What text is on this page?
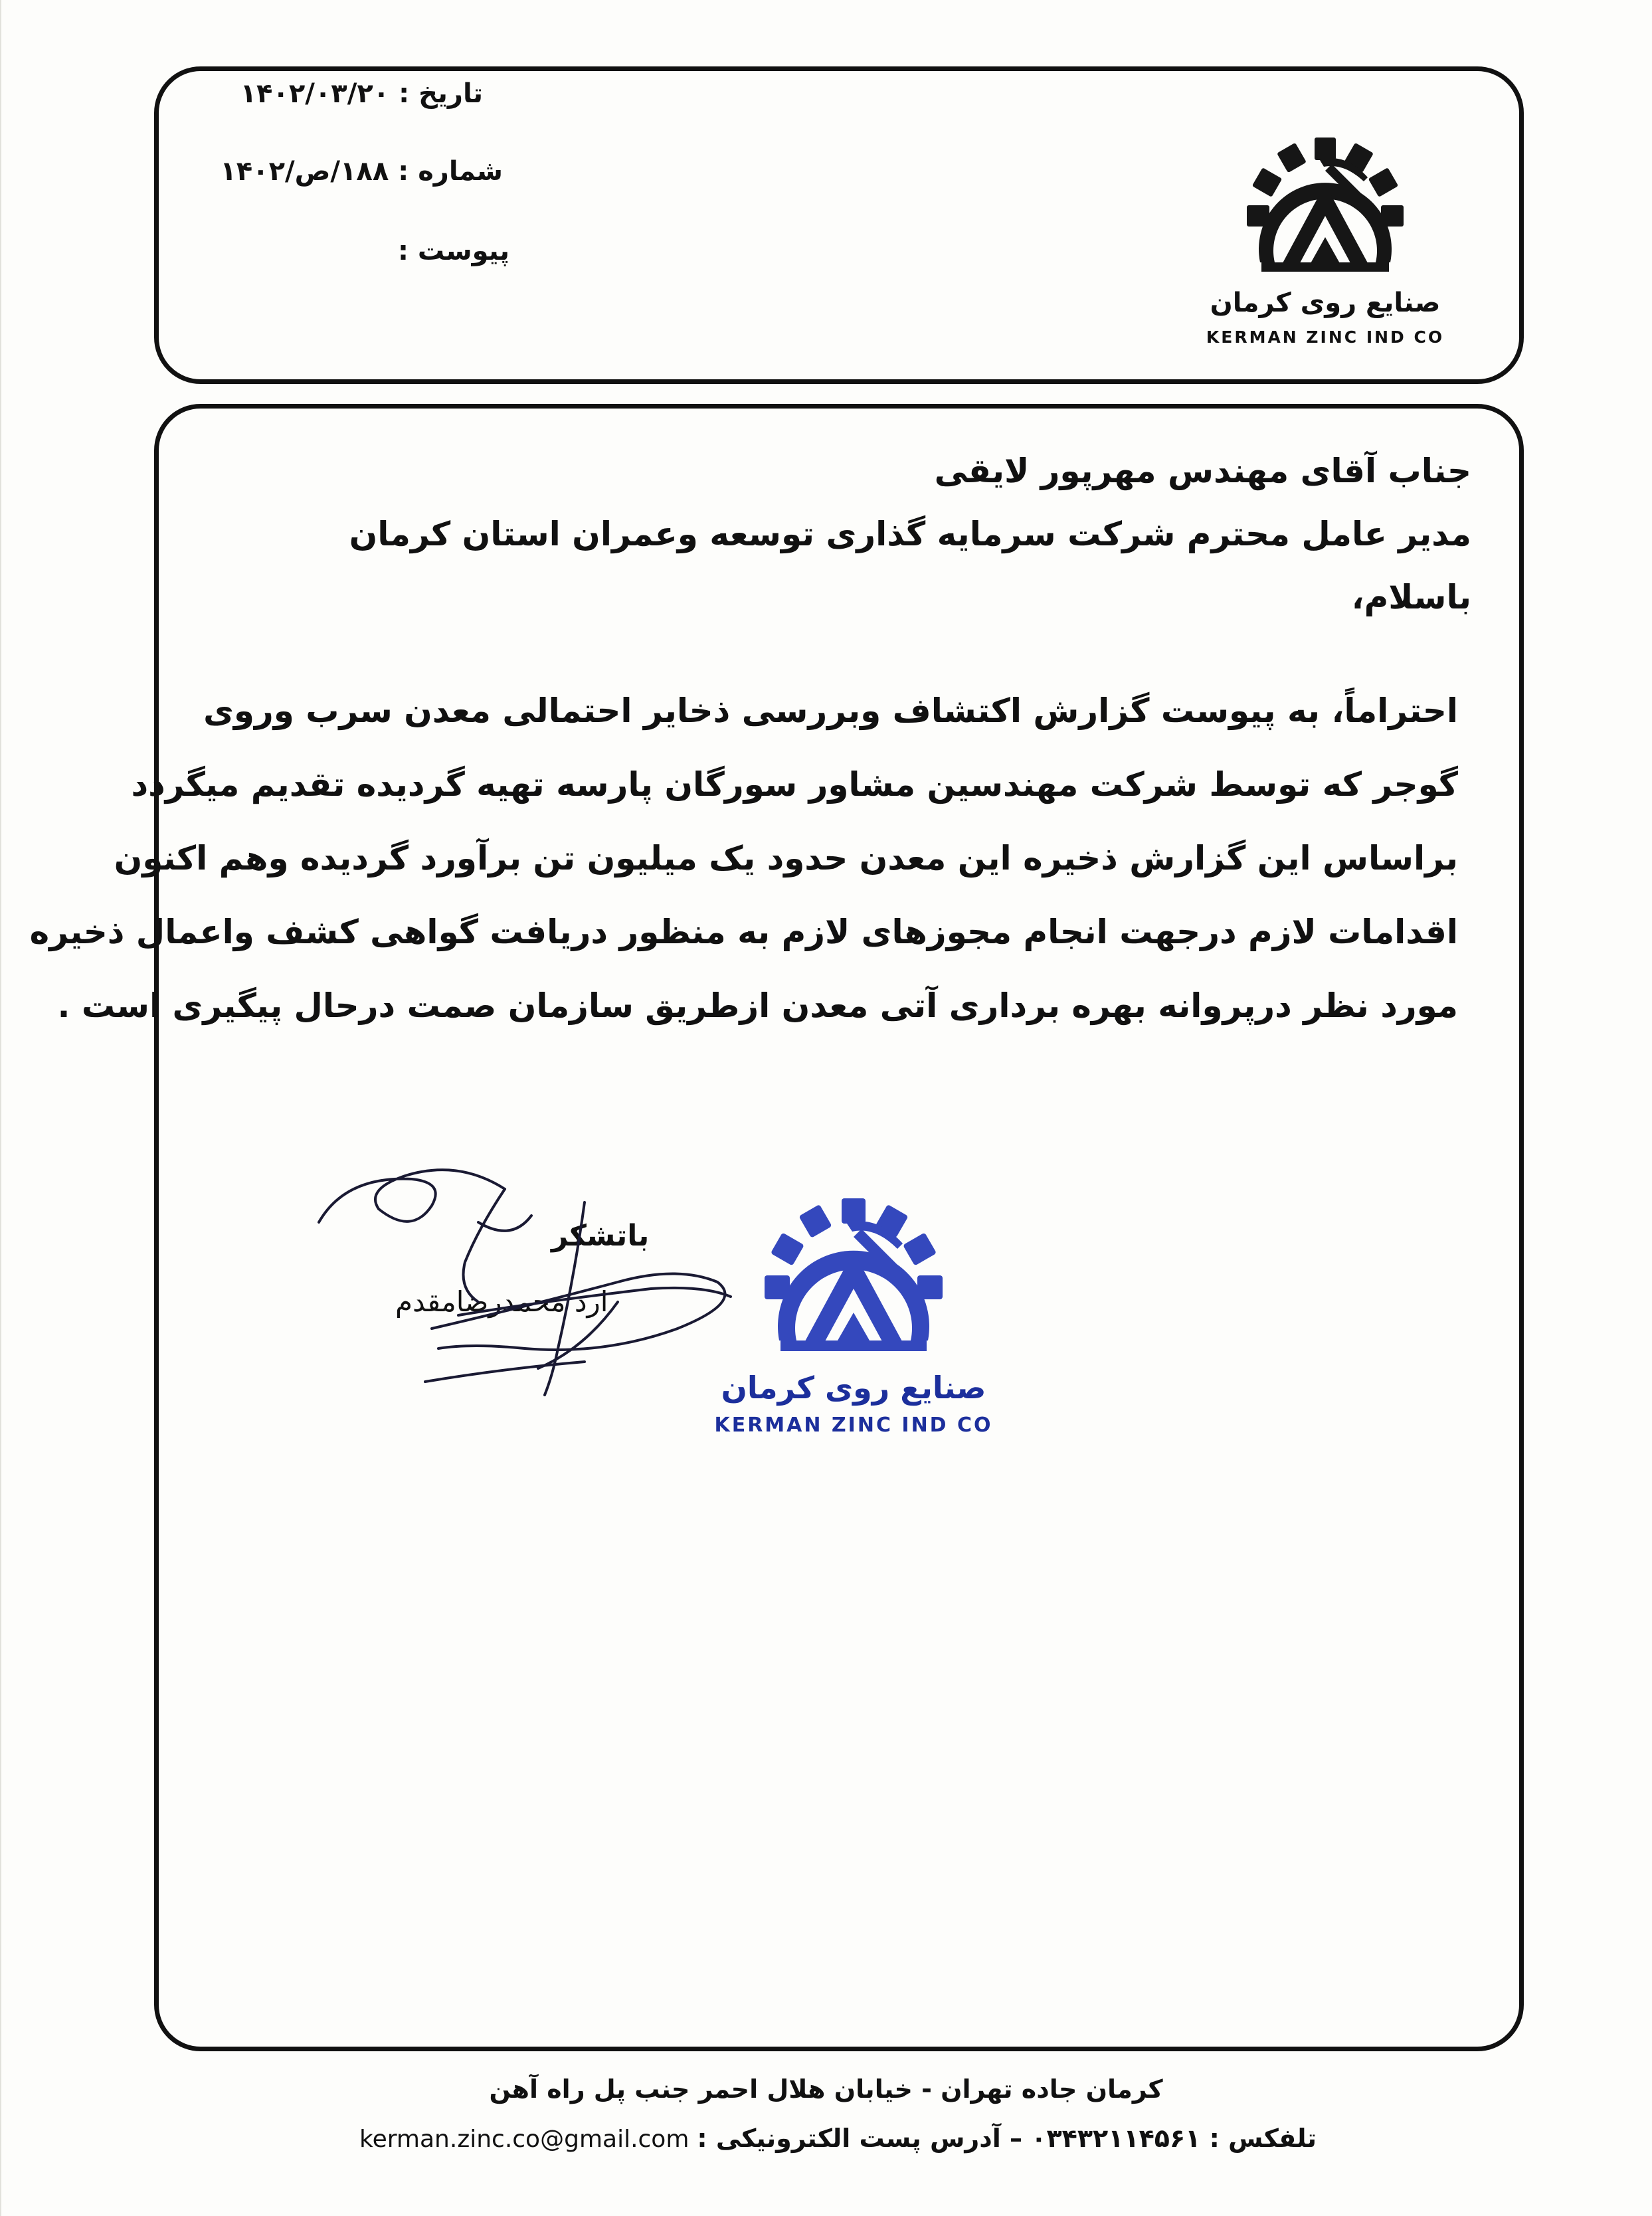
تاریخ :۱۴۰۲/۰۳/۲۰
شماره :۱۸۸/ص/۱۴۰۲
پیوست :
صنایع روی کرمان
KERMAN ZINC IND CO
جناب آقای مهندس مهرپور لایقی
مدیر عامل محترم شرکت سرمایه گذاری توسعه وعمران استان کرمان
باسلام،

احتراماً، به پیوست گزارش اکتشاف وبررسی ذخایر احتمالی معدن سرب وروی
گوجر که توسط شرکت مهندسین مشاور سورگان پارسه تهیه گردیده تقدیم میگردد
براساس این گزارش ذخیره این معدن حدود یک میلیون تن برآورد گردیده وهم اکنون
اقدامات لازم درجهت انجام مجوزهای لازم به منظور دریافت گواهی کشف واعمال ذخیره
مورد نظر درپروانه بهره برداری آتی معدن ازطریق سازمان صمت درحال پیگیری است .

باتشکر
ارد محمدرضامقدم
صنایع روی کرمان
KERMAN ZINC IND CO
کرمان جاده تهران - خیابان هلال احمر جنب پل راه آهن
تلفکس : ۰۳۴۳۲۱۱۴۵۶۱ – آدرس پست الکترونیکی :kerman.zinc.co@gmail.com
